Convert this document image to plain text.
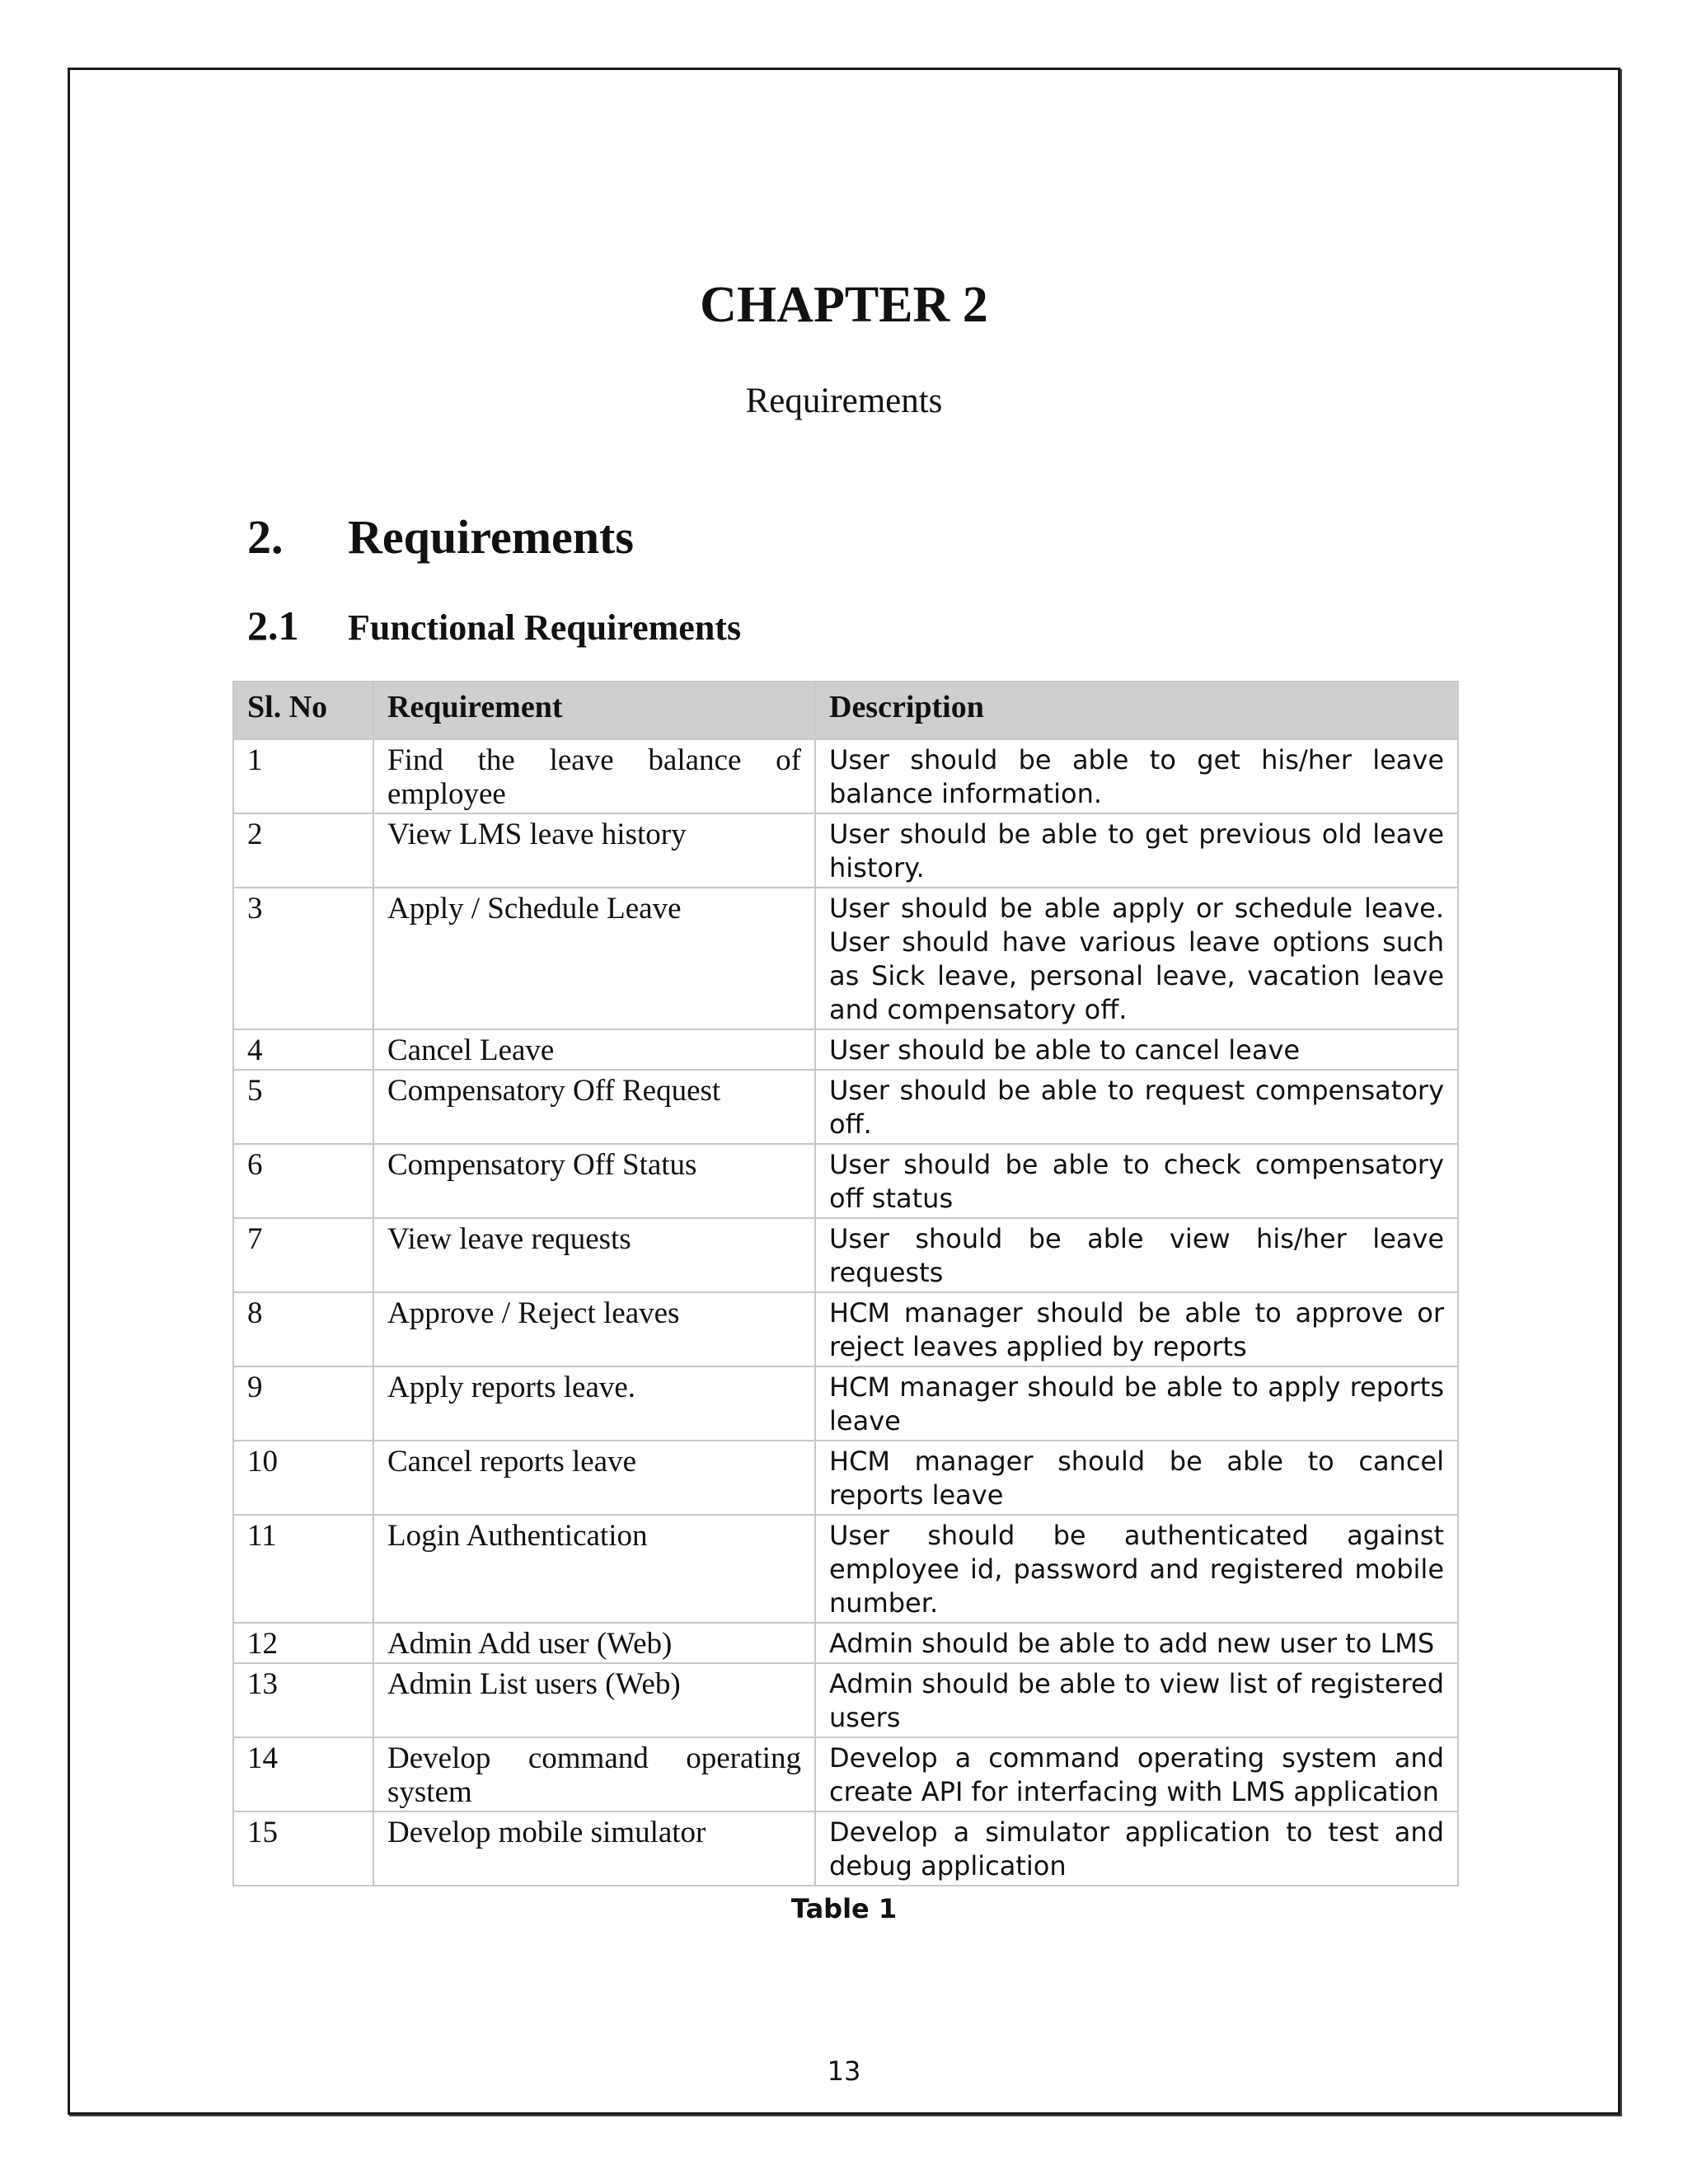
CHAPTER 2
Requirements
2. Requirements
2.1 Functional Requirements
Sl. No	Requirement	Description
1	Find the leave balance of employee	User should be able to get his/her leave balance information.
2	View LMS leave history	User should be able to get previous old leave history.
3	Apply / Schedule Leave	User should be able apply or schedule leave. User should have various leave options such as Sick leave, personal leave, vacation leave and compensatory off.
4	Cancel Leave	User should be able to cancel leave
5	Compensatory Off Request	User should be able to request compensatory off.
6	Compensatory Off Status	User should be able to check compensatory off status
7	View leave requests	User should be able view his/her leave requests
8	Approve / Reject leaves	HCM manager should be able to approve or reject leaves applied by reports
9	Apply reports leave.	HCM manager should be able to apply reports leave
10	Cancel reports leave	HCM manager should be able to cancel reports leave
11	Login Authentication	User should be authenticated against employee id, password and registered mobile number.
12	Admin Add user (Web)	Admin should be able to add new user to LMS
13	Admin List users (Web)	Admin should be able to view list of registered users
14	Develop command operating system	Develop a command operating system and create API for interfacing with LMS application
15	Develop mobile simulator	Develop a simulator application to test and debug application
Table 1
13
